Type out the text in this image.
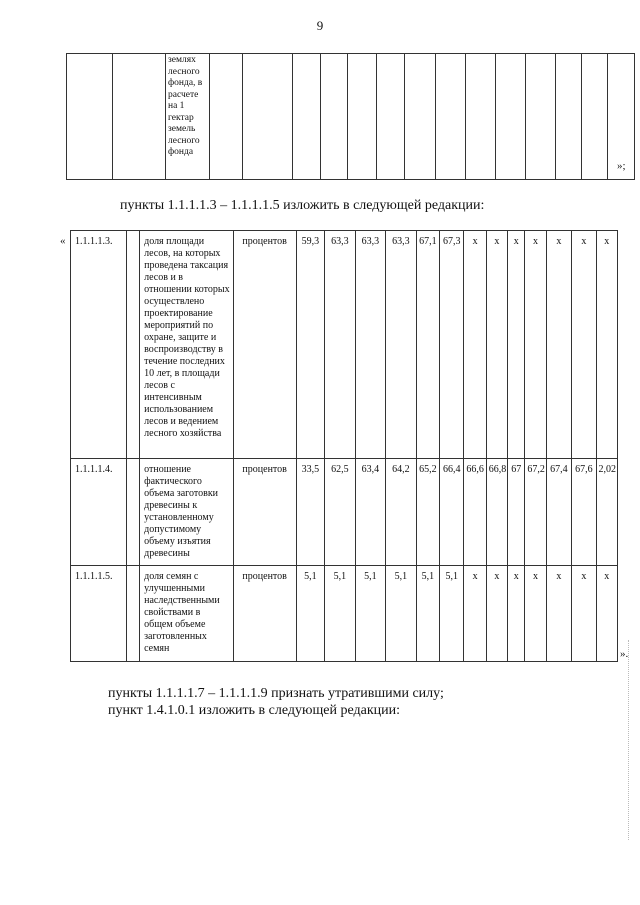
9
		землях лесного фонда, в расчете на 1 гектар земель лесного фонда														
»;
пункты 1.1.1.1.3 – 1.1.1.1.5 изложить в следующей редакции:
« 1.1.1.1.3.		доля площади лесов, на которых проведена таксация лесов и в отношении которых осуществлено проектирование мероприятий по охране, защите и воспроизводству в течение последних 10 лет, в площади лесов с интенсивным использованием лесов и ведением лесного хозяйства	процентов	59,3	63,3	63,3	63,3	67,1	67,3	х	х	х	х	х	х	х
1.1.1.1.4.		отношение фактического объема заготовки древесины к установленному допустимому объему изъятия древесины	процентов	33,5	62,5	63,4	64,2	65,2	66,4	66,6	66,8	67	67,2	67,4	67,6	2,02
1.1.1.1.5.		доля семян с улучшенными наследственными свойствами в общем объеме заготовленных семян	процентов	5,1	5,1	5,1	5,1	5,1	5,1	х	х	х	х	х	х	х
».
пункты 1.1.1.1.7 – 1.1.1.1.9 признать утратившими силу;
пункт 1.4.1.0.1 изложить в следующей редакции:
